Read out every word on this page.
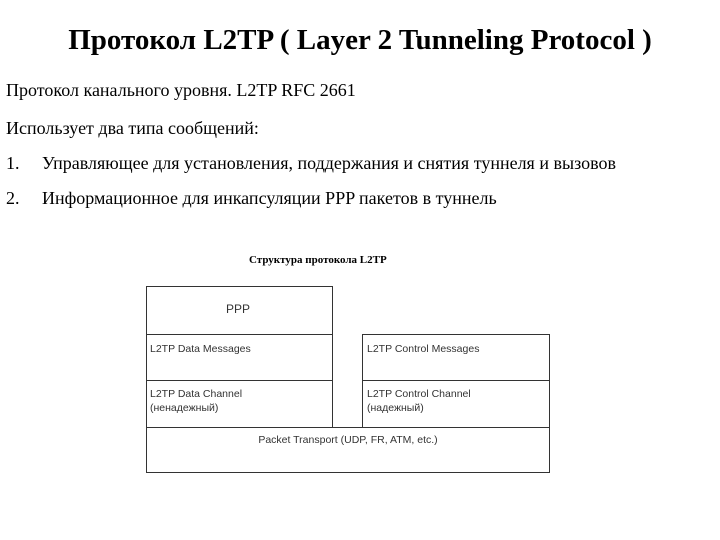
Протокол L2TP ( Layer 2 Tunneling Protocol )
Протокол канального уровня. L2TP RFC 2661
Использует два типа сообщений:
1. Управляющее для установления, поддержания и снятия туннеля и вызовов
2. Информационное для инкапсуляции PPP пакетов в туннель
Структура протокола L2TP
PPP
L2TP Data Messages
L2TP Data Channel
(ненадежный)
L2TP Control Messages
L2TP Control Channel
(надежный)
Packet Transport (UDP, FR, ATM, etc.)
